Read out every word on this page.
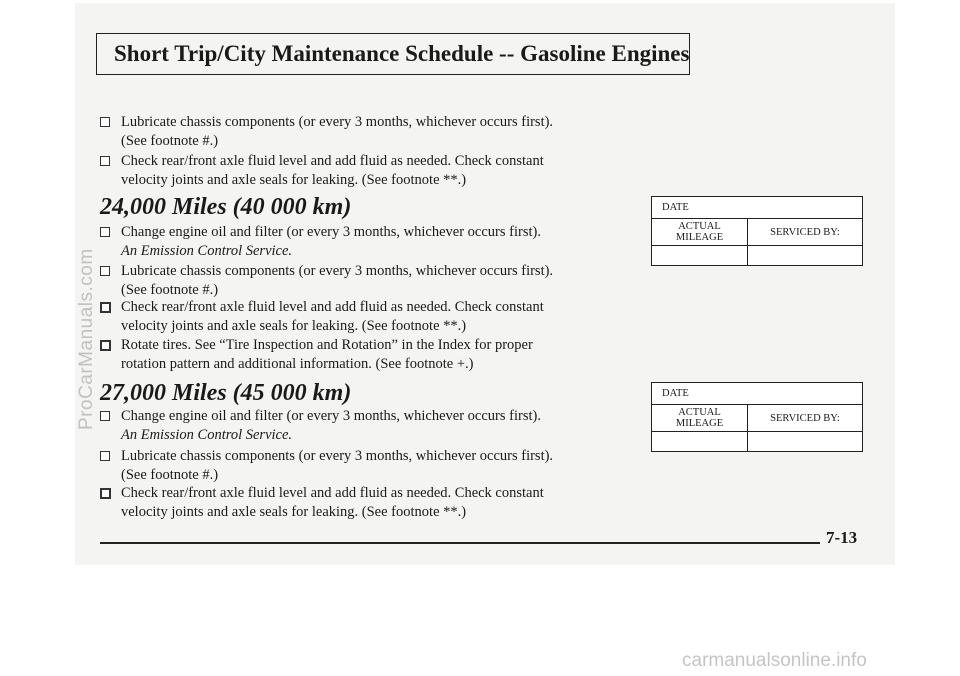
Short Trip/City Maintenance Schedule -- Gasoline Engines
Lubricate chassis components (or every 3 months, whichever occurs first).
(See footnote #.)
Check rear/front axle fluid level and add fluid as needed. Check constant
velocity joints and axle seals for leaking. (See footnote **.)
24,000 Miles (40 000 km)
Change engine oil and filter (or every 3 months, whichever occurs first).
An Emission Control Service.
Lubricate chassis components (or every 3 months, whichever occurs first).
(See footnote #.)
Check rear/front axle fluid level and add fluid as needed. Check constant
velocity joints and axle seals for leaking. (See footnote **.)
Rotate tires. See “Tire Inspection and Rotation” in the Index for proper
rotation pattern and additional information. (See footnote +.)
DATE	
ACTUAL
MILEAGE	SERVICED BY:

27,000 Miles (45 000 km)
Change engine oil and filter (or every 3 months, whichever occurs first).
An Emission Control Service.
Lubricate chassis components (or every 3 months, whichever occurs first).
(See footnote #.)
Check rear/front axle fluid level and add fluid as needed. Check constant
velocity joints and axle seals for leaking. (See footnote **.)
DATE	
ACTUAL
MILEAGE	SERVICED BY:

7-13
ProCarManuals.com
carmanualsonline.info
